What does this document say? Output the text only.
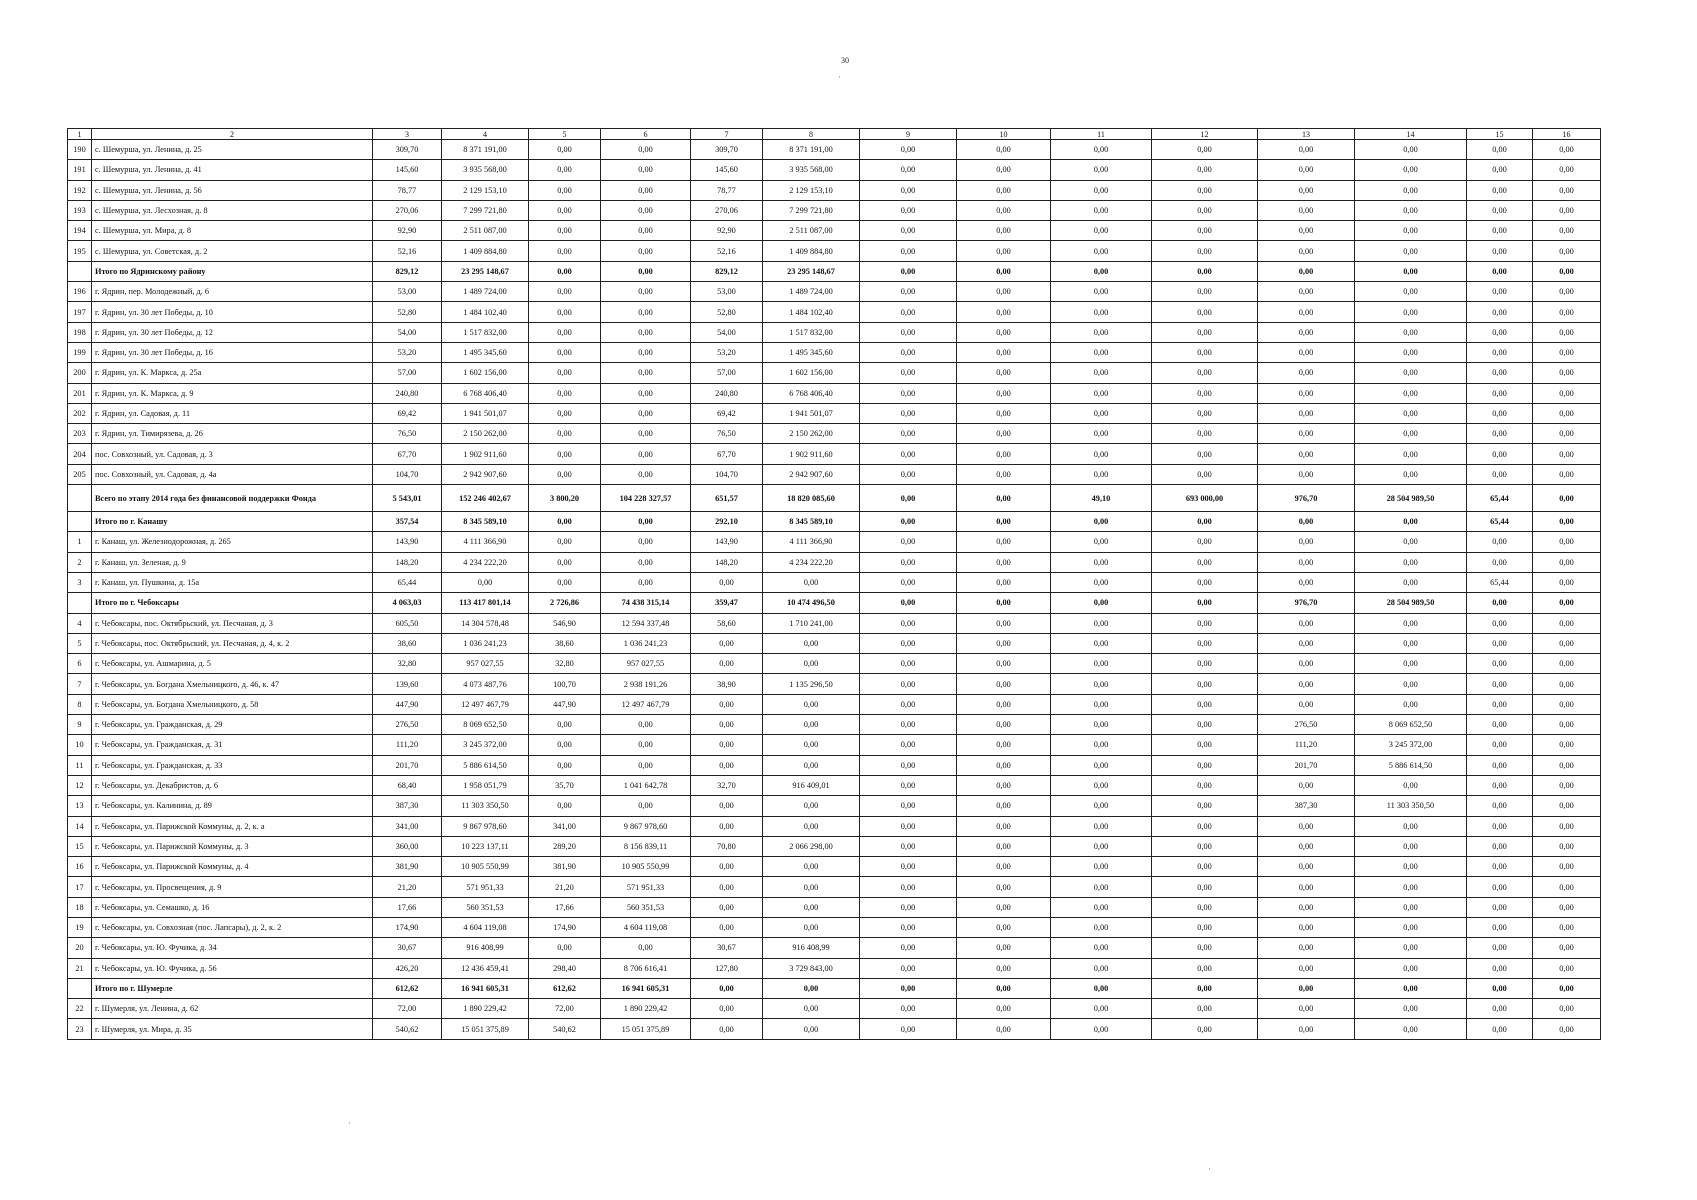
30
·
·
·
1	2	3	4	5	6	7	8	9	10	11	12	13	14	15	16
190	с. Шемурша, ул. Ленина, д. 25	309,70	8 371 191,00	0,00	0,00	309,70	8 371 191,00	0,00	0,00	0,00	0,00	0,00	0,00	0,00	0,00
191	с. Шемурша, ул. Ленина, д. 41	145,60	3 935 568,00	0,00	0,00	145,60	3 935 568,00	0,00	0,00	0,00	0,00	0,00	0,00	0,00	0,00
192	с. Шемурша, ул. Ленина, д. 56	78,77	2 129 153,10	0,00	0,00	78,77	2 129 153,10	0,00	0,00	0,00	0,00	0,00	0,00	0,00	0,00
193	с. Шемурша, ул. Лесхозная, д. 8	270,06	7 299 721,80	0,00	0,00	270,06	7 299 721,80	0,00	0,00	0,00	0,00	0,00	0,00	0,00	0,00
194	с. Шемурша, ул. Мира, д. 8	92,90	2 511 087,00	0,00	0,00	92,90	2 511 087,00	0,00	0,00	0,00	0,00	0,00	0,00	0,00	0,00
195	с. Шемурша, ул. Советская, д. 2	52,16	1 409 884,80	0,00	0,00	52,16	1 409 884,80	0,00	0,00	0,00	0,00	0,00	0,00	0,00	0,00
	Итого по Ядринскому району	829,12	23 295 148,67	0,00	0,00	829,12	23 295 148,67	0,00	0,00	0,00	0,00	0,00	0,00	0,00	0,00
196	г. Ядрин, пер. Молодежный, д. 6	53,00	1 489 724,00	0,00	0,00	53,00	1 489 724,00	0,00	0,00	0,00	0,00	0,00	0,00	0,00	0,00
197	г. Ядрин, ул. 30 лет Победы, д. 10	52,80	1 484 102,40	0,00	0,00	52,80	1 484 102,40	0,00	0,00	0,00	0,00	0,00	0,00	0,00	0,00
198	г. Ядрин, ул. 30 лет Победы, д. 12	54,00	1 517 832,00	0,00	0,00	54,00	1 517 832,00	0,00	0,00	0,00	0,00	0,00	0,00	0,00	0,00
199	г. Ядрин, ул. 30 лет Победы, д. 16	53,20	1 495 345,60	0,00	0,00	53,20	1 495 345,60	0,00	0,00	0,00	0,00	0,00	0,00	0,00	0,00
200	г. Ядрин, ул. К. Маркса, д. 25а	57,00	1 602 156,00	0,00	0,00	57,00	1 602 156,00	0,00	0,00	0,00	0,00	0,00	0,00	0,00	0,00
201	г. Ядрин, ул. К. Маркса, д. 9	240,80	6 768 406,40	0,00	0,00	240,80	6 768 406,40	0,00	0,00	0,00	0,00	0,00	0,00	0,00	0,00
202	г. Ядрин, ул. Садовая, д. 11	69,42	1 941 501,07	0,00	0,00	69,42	1 941 501,07	0,00	0,00	0,00	0,00	0,00	0,00	0,00	0,00
203	г. Ядрин, ул. Тимирязева, д. 26	76,50	2 150 262,00	0,00	0,00	76,50	2 150 262,00	0,00	0,00	0,00	0,00	0,00	0,00	0,00	0,00
204	пос. Совхозный, ул. Садовая, д. 3	67,70	1 902 911,60	0,00	0,00	67,70	1 902 911,60	0,00	0,00	0,00	0,00	0,00	0,00	0,00	0,00
205	пос. Совхозный, ул. Садовая, д. 4а	104,70	2 942 907,60	0,00	0,00	104,70	2 942 907,60	0,00	0,00	0,00	0,00	0,00	0,00	0,00	0,00
	Всего по этапу 2014 года без финансовой поддержки Фонда	5 543,01	152 246 402,67	3 800,20	104 228 327,57	651,57	18 820 085,60	0,00	0,00	49,10	693 000,00	976,70	28 504 989,50	65,44	0,00
	Итого по г. Канашу	357,54	8 345 589,10	0,00	0,00	292,10	8 345 589,10	0,00	0,00	0,00	0,00	0,00	0,00	65,44	0,00
1	г. Канаш, ул. Железнодорожная, д. 265	143,90	4 111 366,90	0,00	0,00	143,90	4 111 366,90	0,00	0,00	0,00	0,00	0,00	0,00	0,00	0,00
2	г. Канаш, ул. Зеленая, д. 9	148,20	4 234 222,20	0,00	0,00	148,20	4 234 222,20	0,00	0,00	0,00	0,00	0,00	0,00	0,00	0,00
3	г. Канаш, ул. Пушкина, д. 15а	65,44	0,00	0,00	0,00	0,00	0,00	0,00	0,00	0,00	0,00	0,00	0,00	65,44	0,00
	Итого по г. Чебоксары	4 063,03	113 417 801,14	2 726,86	74 438 315,14	359,47	10 474 496,50	0,00	0,00	0,00	0,00	976,70	28 504 989,50	0,00	0,00
4	г. Чебоксары, пос. Октябрьский, ул. Песчаная, д. 3	605,50	14 304 578,48	546,90	12 594 337,48	58,60	1 710 241,00	0,00	0,00	0,00	0,00	0,00	0,00	0,00	0,00
5	г. Чебоксары, пос. Октябрьский, ул. Песчаная, д. 4, к. 2	38,60	1 036 241,23	38,60	1 036 241,23	0,00	0,00	0,00	0,00	0,00	0,00	0,00	0,00	0,00	0,00
6	г. Чебоксары, ул. Ашмарина, д. 5	32,80	957 027,55	32,80	957 027,55	0,00	0,00	0,00	0,00	0,00	0,00	0,00	0,00	0,00	0,00
7	г. Чебоксары, ул. Богдана Хмельницкого, д. 46, к. 47	139,60	4 073 487,76	100,70	2 938 191,26	38,90	1 135 296,50	0,00	0,00	0,00	0,00	0,00	0,00	0,00	0,00
8	г. Чебоксары, ул. Богдана Хмельницкого, д. 58	447,90	12 497 467,79	447,90	12 497 467,79	0,00	0,00	0,00	0,00	0,00	0,00	0,00	0,00	0,00	0,00
9	г. Чебоксары, ул. Гражданская, д. 29	276,50	8 069 652,50	0,00	0,00	0,00	0,00	0,00	0,00	0,00	0,00	276,50	8 069 652,50	0,00	0,00
10	г. Чебоксары, ул. Гражданская, д. 31	111,20	3 245 372,00	0,00	0,00	0,00	0,00	0,00	0,00	0,00	0,00	111,20	3 245 372,00	0,00	0,00
11	г. Чебоксары, ул. Гражданская, д. 33	201,70	5 886 614,50	0,00	0,00	0,00	0,00	0,00	0,00	0,00	0,00	201,70	5 886 614,50	0,00	0,00
12	г. Чебоксары, ул. Декабристов, д. 6	68,40	1 958 051,79	35,70	1 041 642,78	32,70	916 409,01	0,00	0,00	0,00	0,00	0,00	0,00	0,00	0,00
13	г. Чебоксары, ул. Калинина, д. 89	387,30	11 303 350,50	0,00	0,00	0,00	0,00	0,00	0,00	0,00	0,00	387,30	11 303 350,50	0,00	0,00
14	г. Чебоксары, ул. Парижской Коммуны, д. 2, к. а	341,00	9 867 978,60	341,00	9 867 978,60	0,00	0,00	0,00	0,00	0,00	0,00	0,00	0,00	0,00	0,00
15	г. Чебоксары, ул. Парижской Коммуны, д. 3	360,00	10 223 137,11	289,20	8 156 839,11	70,80	2 066 298,00	0,00	0,00	0,00	0,00	0,00	0,00	0,00	0,00
16	г. Чебоксары, ул. Парижской Коммуны, д. 4	381,90	10 905 550,99	381,90	10 905 550,99	0,00	0,00	0,00	0,00	0,00	0,00	0,00	0,00	0,00	0,00
17	г. Чебоксары, ул. Просвещения, д. 9	21,20	571 951,33	21,20	571 951,33	0,00	0,00	0,00	0,00	0,00	0,00	0,00	0,00	0,00	0,00
18	г. Чебоксары, ул. Семашко, д. 16	17,66	560 351,53	17,66	560 351,53	0,00	0,00	0,00	0,00	0,00	0,00	0,00	0,00	0,00	0,00
19	г. Чебоксары, ул. Совхозная (пос. Лапсары), д. 2, к. 2	174,90	4 604 119,08	174,90	4 604 119,08	0,00	0,00	0,00	0,00	0,00	0,00	0,00	0,00	0,00	0,00
20	г. Чебоксары, ул. Ю. Фучика, д. 34	30,67	916 408,99	0,00	0,00	30,67	916 408,99	0,00	0,00	0,00	0,00	0,00	0,00	0,00	0,00
21	г. Чебоксары, ул. Ю. Фучика, д. 56	426,20	12 436 459,41	298,40	8 706 616,41	127,80	3 729 843,00	0,00	0,00	0,00	0,00	0,00	0,00	0,00	0,00
	Итого по г. Шумерле	612,62	16 941 605,31	612,62	16 941 605,31	0,00	0,00	0,00	0,00	0,00	0,00	0,00	0,00	0,00	0,00
22	г. Шумерля, ул. Ленина, д. 62	72,00	1 890 229,42	72,00	1 890 229,42	0,00	0,00	0,00	0,00	0,00	0,00	0,00	0,00	0,00	0,00
23	г. Шумерля, ул. Мира, д. 35	540,62	15 051 375,89	540,62	15 051 375,89	0,00	0,00	0,00	0,00	0,00	0,00	0,00	0,00	0,00	0,00
